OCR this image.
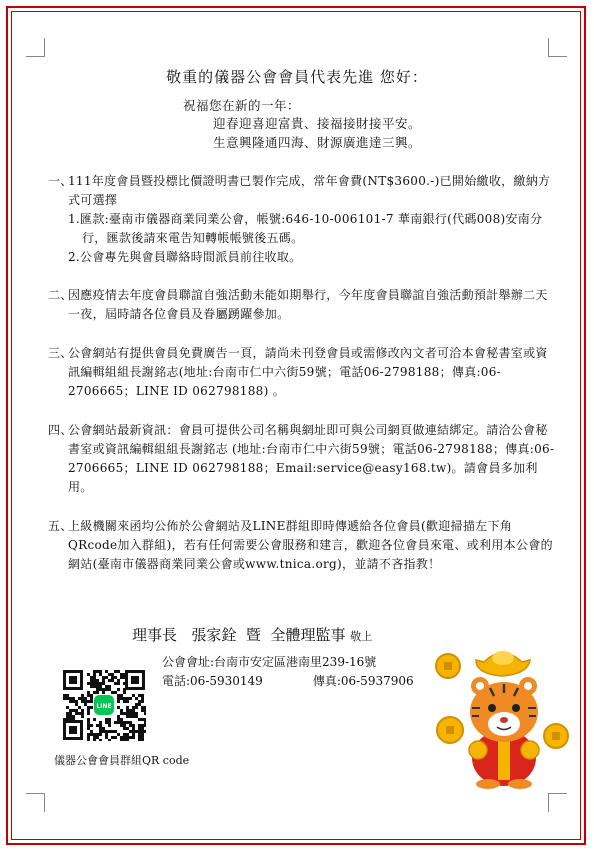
敬重的儀器公會會員代表先進 您好：
祝福您在新的一年：
迎春迎喜迎富貴、接福接財接平安。
生意興隆通四海、財源廣進達三興。
一、
111年度會員暨投標比價證明書已製作完成，常年會費(NT$3600.-)已開始繳收，繳納方式可選擇
1.匯款:臺南市儀器商業同業公會，帳號:646-10-006101-7 華南銀行(代碼008)安南分行，匯款後請來電告知轉帳帳號後五碼。
2.公會專先與會員聯絡時間派員前往收取。
二、
因應疫情去年度會員聯誼自強活動未能如期舉行，今年度會員聯誼自強活動預計舉辦二天一夜，屆時請各位會員及眷屬踴躍參加。
三、
公會網站有提供會員免費廣告一頁，請尚未刊登會員或需修改內文者可洽本會秘書室或資訊編輯組組長謝銘志(地址:台南市仁中六街59號；電話06-2798188；傳真:06-2706665；LINE ID 062798188) 。
四、
公會網站最新資訊：會員可提供公司名稱與網址即可與公司網頁做連結綁定。請洽公會秘書室或資訊編輯組組長謝銘志 (地址:台南市仁中六街59號；電話06-2798188；傳真:06-2706665；LINE ID 062798188；Email:service@easy168.tw)。請會員多加利用。
五、
上級機關來函均公佈於公會網站及LINE群組即時傳遞給各位會員(歡迎掃描左下角QRcode加入群組)，若有任何需要公會服務和建言，歡迎各位會員來電、或利用本公會的網站(臺南市儀器商業同業公會或www.tnica.org)，並請不吝指教！
理事長 張家銓 暨 全體理監事 敬上
公會會址:台南市安定區港南里239-16號
電話:06-5930149	傳真:06-5937906
LINE
儀器公會會員群組QR code
